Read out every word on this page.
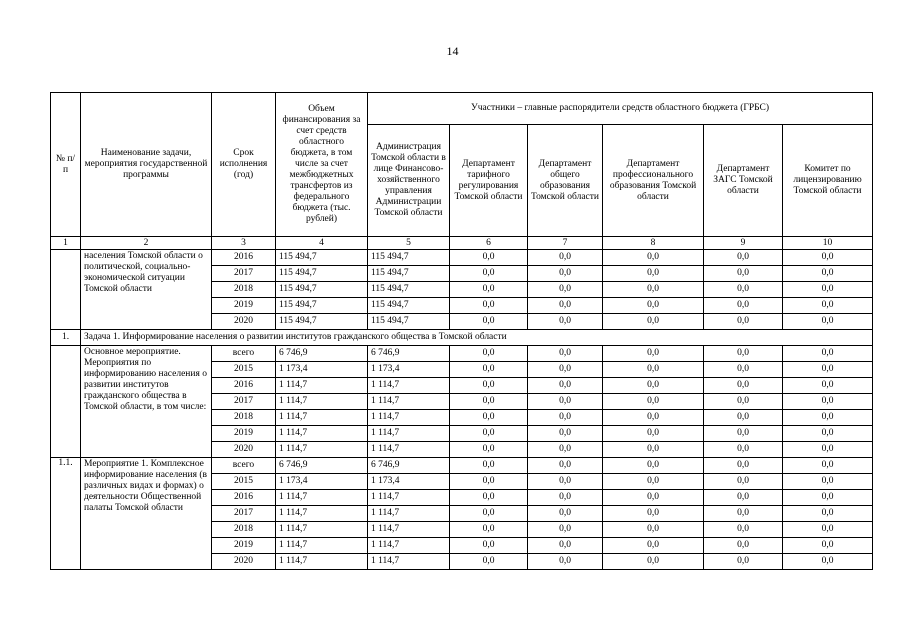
14
№ п/п	Наименование задачи, мероприятия государственной программы	Срок исполнения (год)	Объем финансирования за счет средств областного бюджета, в том числе за счет межбюджетных трансфертов из федерального бюджета (тыс. рублей)	Участники – главные распорядители средств областного бюджета (ГРБС)					
				Администрация Томской области в лице Финансово-хозяйственного управления Администрации Томской области	Департамент тарифного регулирования Томской области	Департамент общего образования Томской области	Департамент профессионального образования Томской области	Департамент ЗАГС Томской области	Комитет по лицензированию Томской области
1	2	3	4	5	6	7	8	9	10
	населения Томской области о политической, социально-экономической ситуации Томской области	2016	115 494,7	115 494,7	0,0	0,0	0,0	0,0	0,0
		2017	115 494,7	115 494,7	0,0	0,0	0,0	0,0	0,0
		2018	115 494,7	115 494,7	0,0	0,0	0,0	0,0	0,0
		2019	115 494,7	115 494,7	0,0	0,0	0,0	0,0	0,0
		2020	115 494,7	115 494,7	0,0	0,0	0,0	0,0	0,0
1.	Задача 1. Информирование населения о развитии институтов гражданского общества в Томской области								
	Основное мероприятие. Мероприятия по информированию населения о развитии институтов гражданского общества в Томской области, в том числе:	всего	6 746,9	6 746,9	0,0	0,0	0,0	0,0	0,0
		2015	1 173,4	1 173,4	0,0	0,0	0,0	0,0	0,0
		2016	1 114,7	1 114,7	0,0	0,0	0,0	0,0	0,0
		2017	1 114,7	1 114,7	0,0	0,0	0,0	0,0	0,0
		2018	1 114,7	1 114,7	0,0	0,0	0,0	0,0	0,0
		2019	1 114,7	1 114,7	0,0	0,0	0,0	0,0	0,0
		2020	1 114,7	1 114,7	0,0	0,0	0,0	0,0	0,0
1.1.	Мероприятие 1. Комплексное информирование населения (в различных видах и формах) о деятельности Общественной палаты Томской области	всего	6 746,9	6 746,9	0,0	0,0	0,0	0,0	0,0
		2015	1 173,4	1 173,4	0,0	0,0	0,0	0,0	0,0
		2016	1 114,7	1 114,7	0,0	0,0	0,0	0,0	0,0
		2017	1 114,7	1 114,7	0,0	0,0	0,0	0,0	0,0
		2018	1 114,7	1 114,7	0,0	0,0	0,0	0,0	0,0
		2019	1 114,7	1 114,7	0,0	0,0	0,0	0,0	0,0
		2020	1 114,7	1 114,7	0,0	0,0	0,0	0,0	0,0
